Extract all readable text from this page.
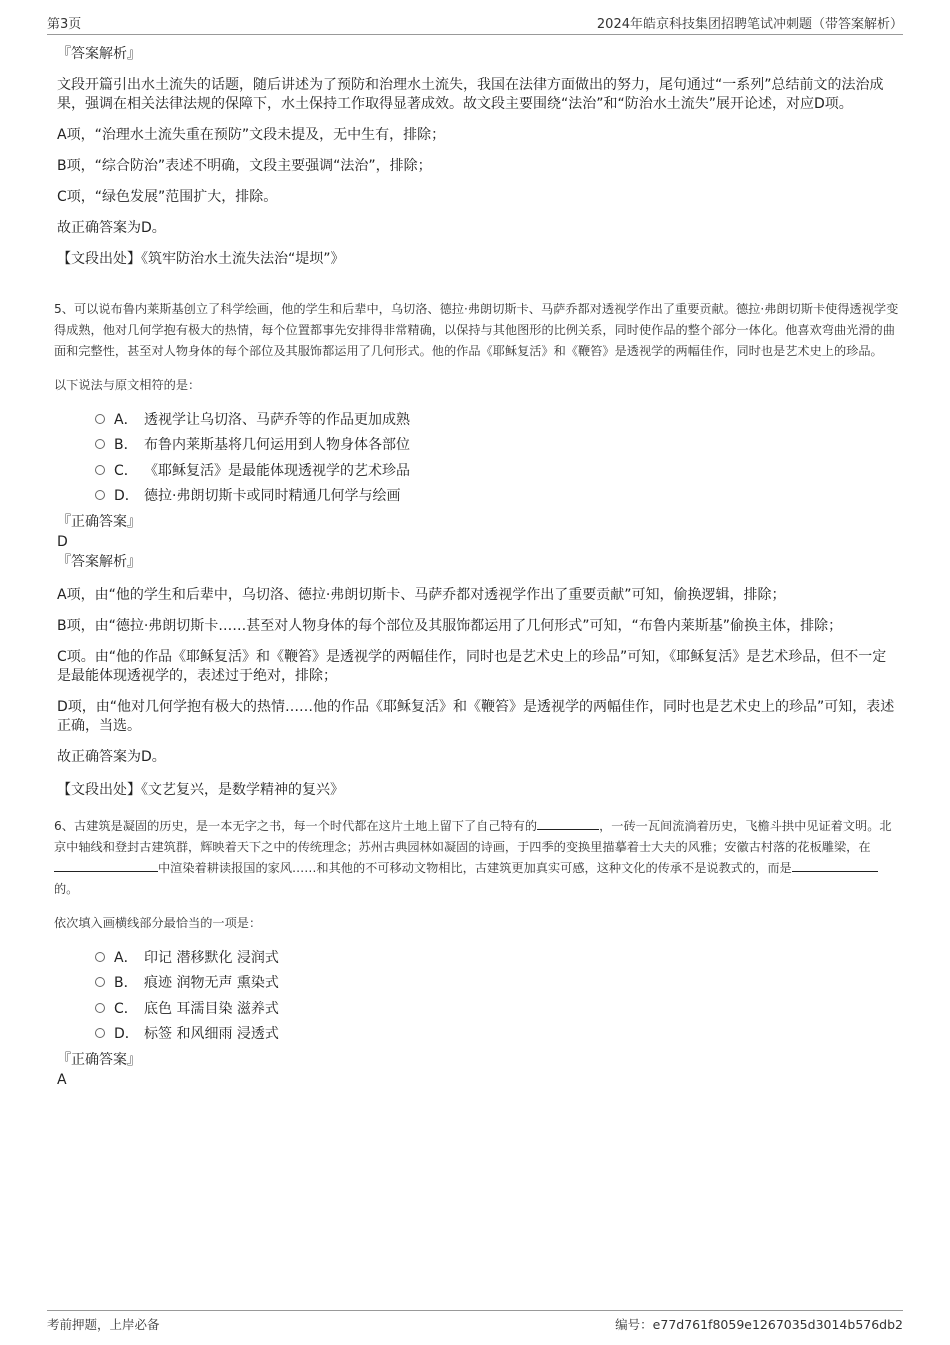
第3页	2024年皓京科技集团招聘笔试冲刺题（带答案解析）
『答案解析』
文段开篇引出水土流失的话题，随后讲述为了预防和治理水土流失，我国在法律方面做出的努力，尾句通过“一系列”总结前文的法治成果，强调在相关法律法规的保障下，水土保持工作取得显著成效。故文段主要围绕“法治”和“防治水土流失”展开论述，对应D项。
A项，“治理水土流失重在预防”文段未提及，无中生有，排除；
B项，“综合防治”表述不明确，文段主要强调“法治”，排除；
C项，“绿色发展”范围扩大，排除。
故正确答案为D。
【文段出处】《筑牢防治水土流失法治“堤坝”》
5、可以说布鲁内莱斯基创立了科学绘画，他的学生和后辈中，乌切洛、德拉·弗朗切斯卡、马萨乔都对透视学作出了重要贡献。德拉·弗朗切斯卡使得透视学变得成熟，他对几何学抱有极大的热情，每个位置都事先安排得非常精确，以保持与其他图形的比例关系，同时使作品的整个部分一体化。他喜欢弯曲光滑的曲面和完整性，甚至对人物身体的每个部位及其服饰都运用了几何形式。他的作品《耶稣复活》和《鞭笞》是透视学的两幅佳作，同时也是艺术史上的珍品。
以下说法与原文相符的是：
A． 透视学让乌切洛、马萨乔等的作品更加成熟
B． 布鲁内莱斯基将几何运用到人物身体各部位
C． 《耶稣复活》是最能体现透视学的艺术珍品
D． 德拉·弗朗切斯卡或同时精通几何学与绘画
『正确答案』
D
『答案解析』
A项，由“他的学生和后辈中，乌切洛、德拉·弗朗切斯卡、马萨乔都对透视学作出了重要贡献”可知，偷换逻辑，排除；
B项，由“德拉·弗朗切斯卡……甚至对人物身体的每个部位及其服饰都运用了几何形式”可知，“布鲁内莱斯基”偷换主体，排除；
C项。由“他的作品《耶稣复活》和《鞭笞》是透视学的两幅佳作，同时也是艺术史上的珍品”可知，《耶稣复活》是艺术珍品，但不一定是最能体现透视学的，表述过于绝对，排除；
D项，由“他对几何学抱有极大的热情……他的作品《耶稣复活》和《鞭笞》是透视学的两幅佳作，同时也是艺术史上的珍品”可知，表述正确，当选。
故正确答案为D。
【文段出处】《文艺复兴，是数学精神的复兴》
6、古建筑是凝固的历史，是一本无字之书，每一个时代都在这片土地上留下了自己特有的	，一砖一瓦间流淌着历史，飞檐斗拱中见证着文明。北京中轴线和登封古建筑群，辉映着天下之中的传统理念；苏州古典园林如凝固的诗画，于四季的变换里描摹着士大夫的风雅；安徽古村落的花板雕梁，在中渲染着耕读报国的家风……和其他的不可移动文物相比，古建筑更加真实可感，这种文化的传承不是说教式的，而是的。
依次填入画横线部分最恰当的一项是：
A． 印记 潜移默化 浸润式
B． 痕迹 润物无声 熏染式
C． 底色 耳濡目染 滋养式
D． 标签 和风细雨 浸透式
『正确答案』
A
考前押题，上岸必备	编号：e77d761f8059e1267035d3014b576db2
